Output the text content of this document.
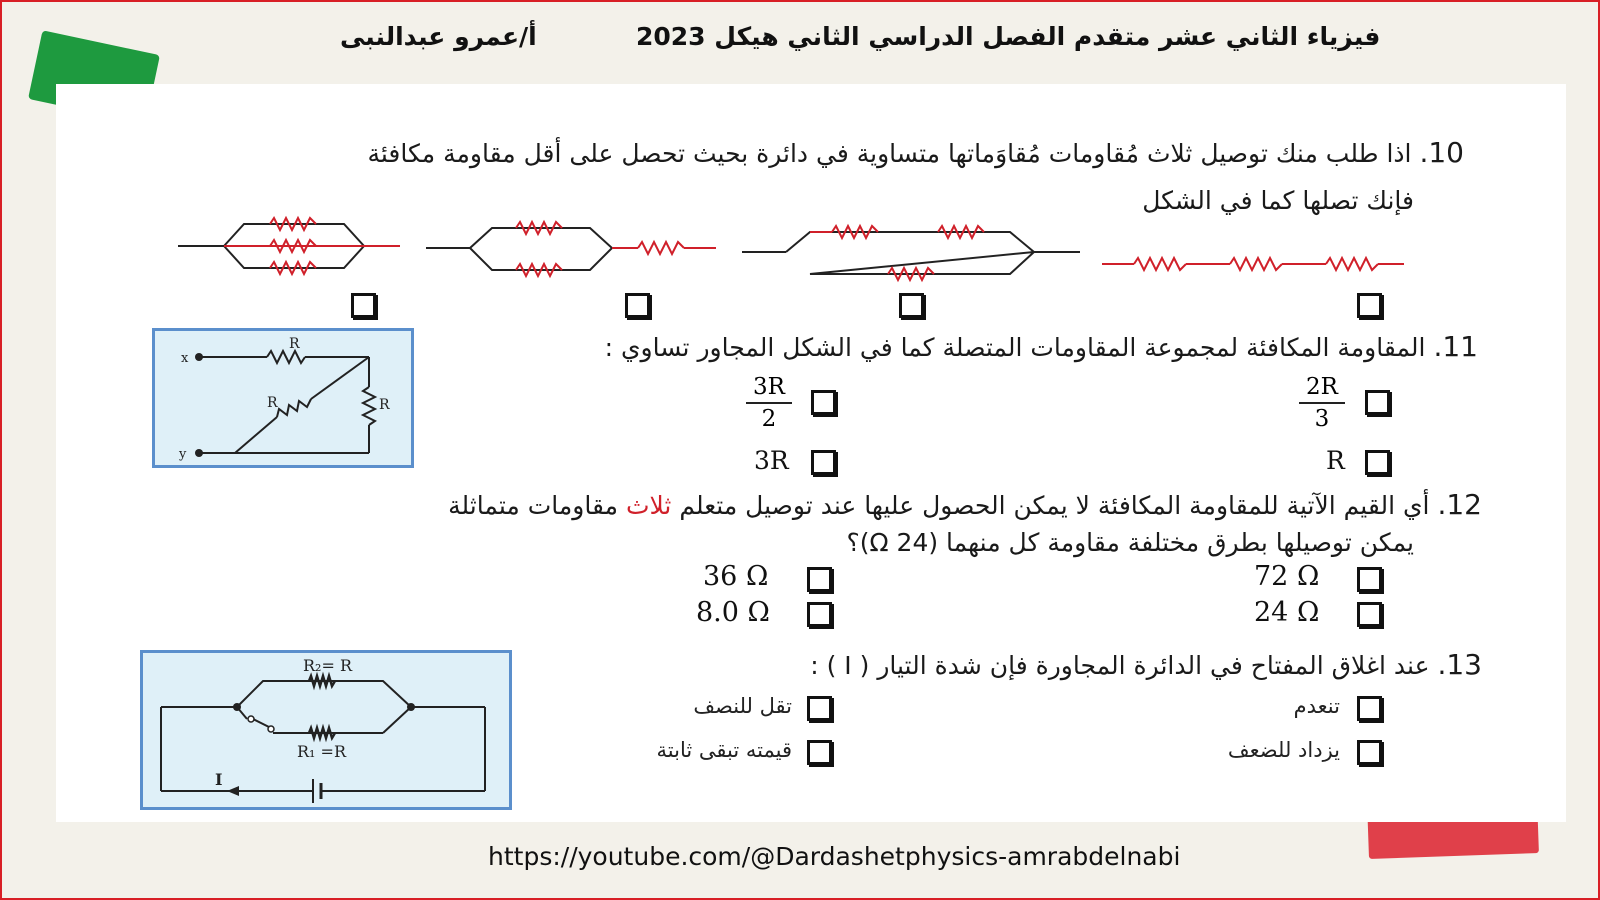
أ/عمرو عبدالنبى	فيزياء الثاني عشر متقدم الفصل الدراسي الثاني هيكل 2023
10. اذا طلب منك توصيل ثلاث مُقاومات مُقاوَماتها متساوية في دائرة بحيث تحصل على أقل مقاومة مكافئة
فإنك تصلها كما في الشكل
11. المقاومة المكافئة لمجموعة المقاومات المتصلة كما في الشكل المجاور تساوي :
x
y
R
R	R
2R
3
3R
2
R
3R
12. أي القيم الآتية للمقاومة المكافئة لا يمكن الحصول عليها عند توصيل متعلم ثلاث مقاومات متماثلة
يمكن توصيلها بطرق مختلفة مقاومة كل منهما (24 Ω)؟
72 Ω
36 Ω
24 Ω
8.0 Ω
13. عند اغلاق المفتاح في الدائرة المجاورة فإن شدة التيار ( I ) :
R₂= R
R₁ =R
I
تنعدم
تقل للنصف
يزداد للضعف
قيمته تبقى ثابتة
https://youtube.com/@Dardashetphysics-amrabdelnabi
